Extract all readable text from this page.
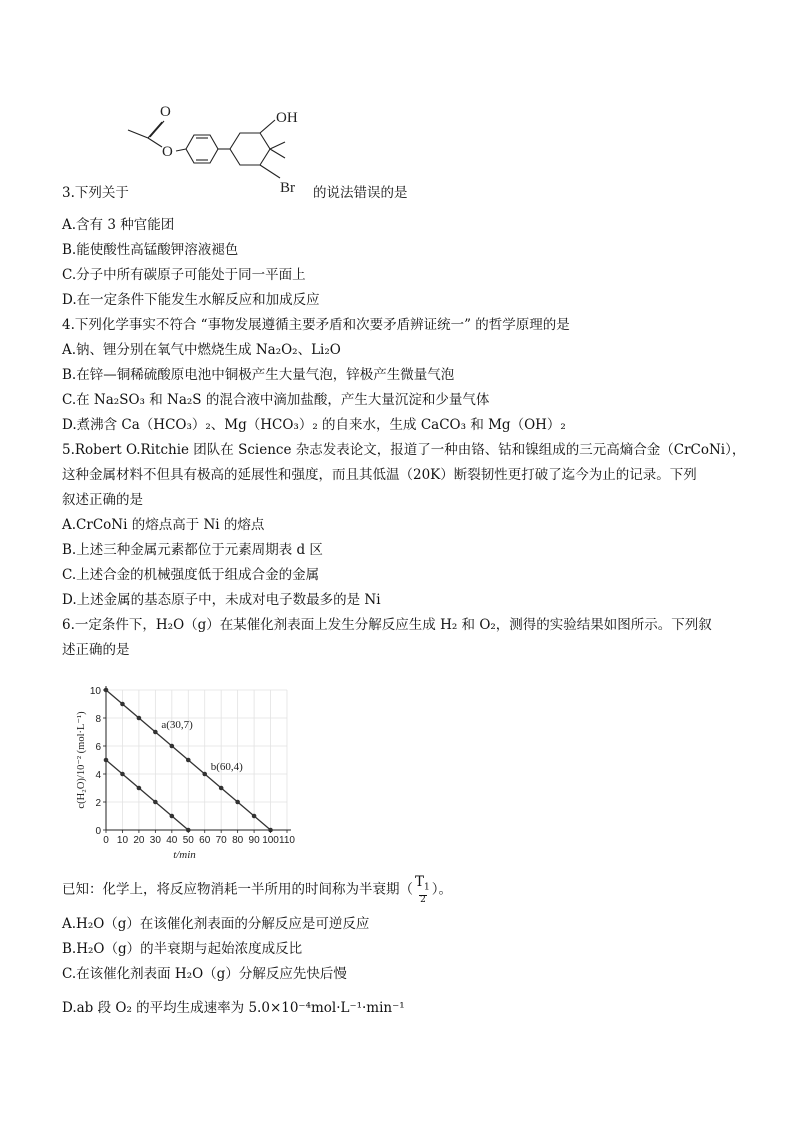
O
O
OH
Br
3.下列关于	的说法错误的是
A.含有 3 种官能团
B.能使酸性高锰酸钾溶液褪色
C.分子中所有碳原子可能处于同一平面上
D.在一定条件下能发生水解反应和加成反应
4.下列化学事实不符合 “事物发展遵循主要矛盾和次要矛盾辨证统一” 的哲学原理的是
A.钠、锂分别在氧气中燃烧生成 Na₂O₂、Li₂O
B.在锌—铜稀硫酸原电池中铜极产生大量气泡，锌极产生微量气泡
C.在 Na₂SO₃ 和 Na₂S 的混合液中滴加盐酸，产生大量沉淀和少量气体
D.煮沸含 Ca（HCO₃）₂、Mg（HCO₃）₂ 的自来水，生成 CaCO₃ 和 Mg（OH）₂
5.Robert O.Ritchie 团队在 Science 杂志发表论文，报道了一种由铬、钴和镍组成的三元高熵合金（CrCoNi），
这种金属材料不但具有极高的延展性和强度，而且其低温（20K）断裂韧性更打破了迄今为止的记录。下列
叙述正确的是
A.CrCoNi 的熔点高于 Ni 的熔点
B.上述三种金属元素都位于元素周期表 d 区
C.上述合金的机械强度低于组成合金的金属
D.上述金属的基态原子中，未成对电子数最多的是 Ni
6.一定条件下，H₂O（g）在某催化剂表面上发生分解反应生成 H₂ 和 O₂，测得的实验结果如图所示。下列叙
述正确的是
0 10 20 30 40 50 60 70 80 90 100 110
0
2
4
6
8
10
t/min
c(H₂O)/10⁻² (mol·L⁻¹)	a(30,7)
b(60,4)
已知：化学上，将反应物消耗一半所用的时间称为半衰期（ $T_1$
2
）。
A.H₂O（g）在该催化剂表面的分解反应是可逆反应
B.H₂O（g）的半衰期与起始浓度成反比
C.在该催化剂表面 H₂O（g）分解反应先快后慢
D.ab 段 O₂ 的平均生成速率为 5.0×10⁻⁴mol·L⁻¹·min⁻¹
